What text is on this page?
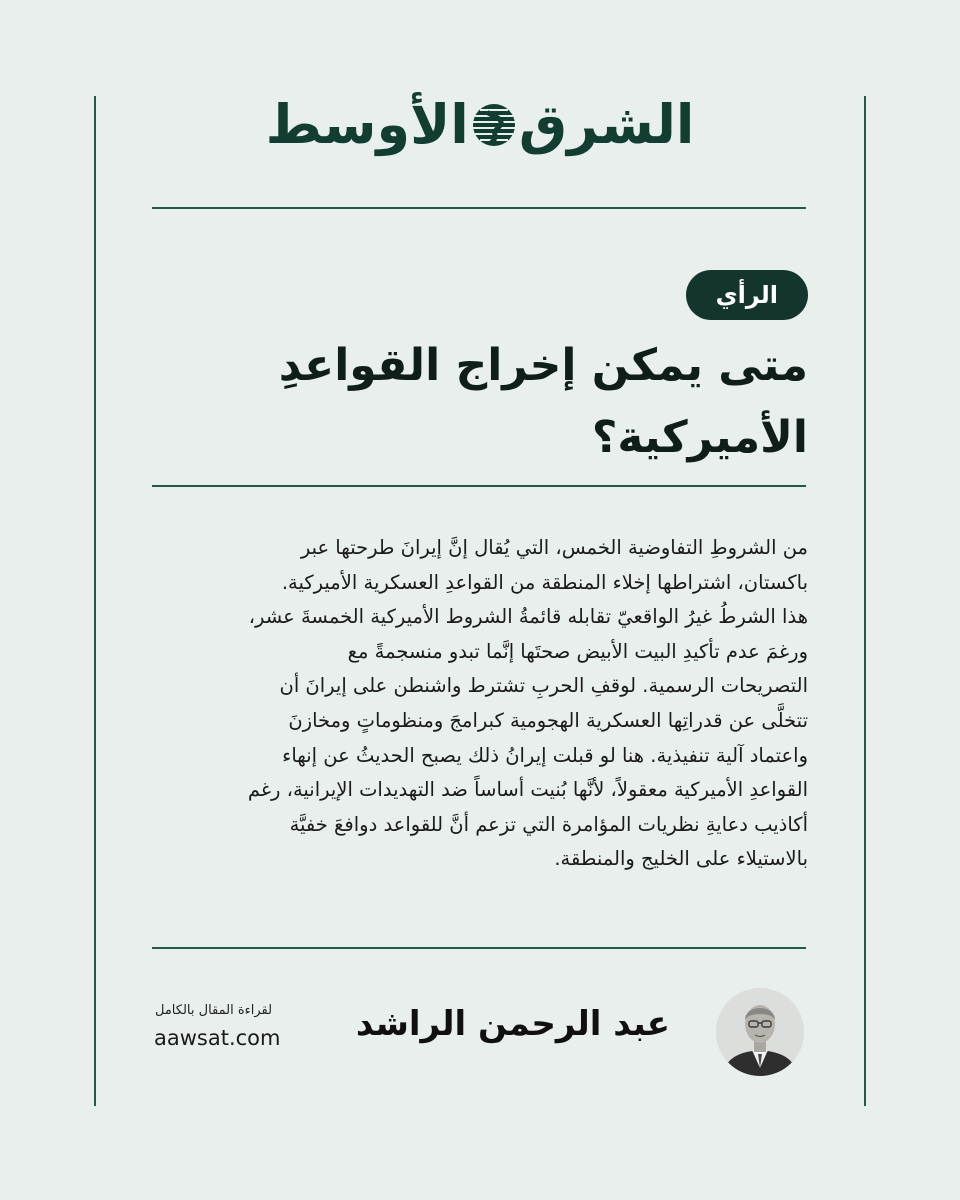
الشرق
الأوسط
الرأي
متى يمكن إخراج القواعدِ
الأميركية؟
من الشروطِ التفاوضية الخمس، التي يُقال إنَّ إيرانَ طرحتها عبر
باكستان، اشتراطها إخلاء المنطقة من القواعدِ العسكرية الأميركية.
هذا الشرطُ غيرُ الواقعيّ تقابله قائمةُ الشروط الأميركية الخمسةَ عشر،
ورغمَ عدم تأكيدِ البيت الأبيض صحتَها إنَّما تبدو منسجمةً مع
التصريحات الرسمية. لوقفِ الحربِ تشترط واشنطن على إيرانَ أن
تتخلَّى عن قدراتِها العسكرية الهجومية كبرامجَ ومنظوماتٍ ومخازنَ
واعتماد آلية تنفيذية. هنا لو قبلت إيرانُ ذلك يصبح الحديثُ عن إنهاء
القواعدِ الأميركية معقولاً، لأنَّها بُنيت أساساً ضد التهديدات الإيرانية، رغم
أكاذيب دعايةِ نظريات المؤامرة التي تزعم أنَّ للقواعد دوافعَ خفيَّة
بالاستيلاء على الخليج والمنطقة.
عبد الرحمن الراشد
لقراءة المقال بالكامل
aawsat.com
